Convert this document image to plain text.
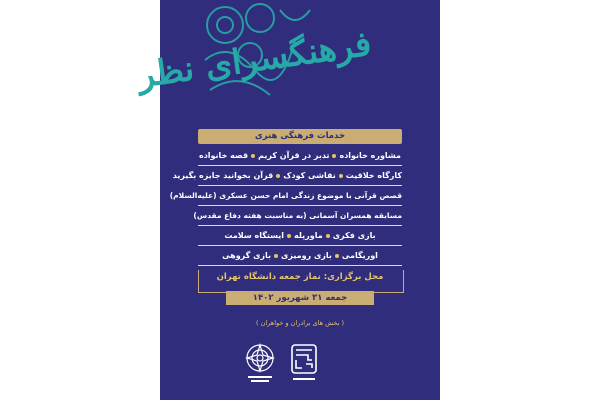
فرهنگسرای نظر
خدمات فرهنگی هنری
مشاوره خانوادهتدبر در قرآن کریمقصه خانواده
کارگاه خلاقیتنقاشی کودکقرآن بخوانید جایزه بگیرید
قصص قرآنی با موضوع زندگی امام حسن عسکری (علیه‌السلام)
مسابقه همسران آسمانی (به مناسبت هفته دفاع مقدس)
بازی فکریماورپلهایستگاه سلامت
اوریگامیبازی رومیزیبازی گروهی
محل برگزاری: نماز جمعه دانشگاه تهران
جمعه ۳۱ شهریور ۱۴۰۲
( بخش های برادران و خواهران )
